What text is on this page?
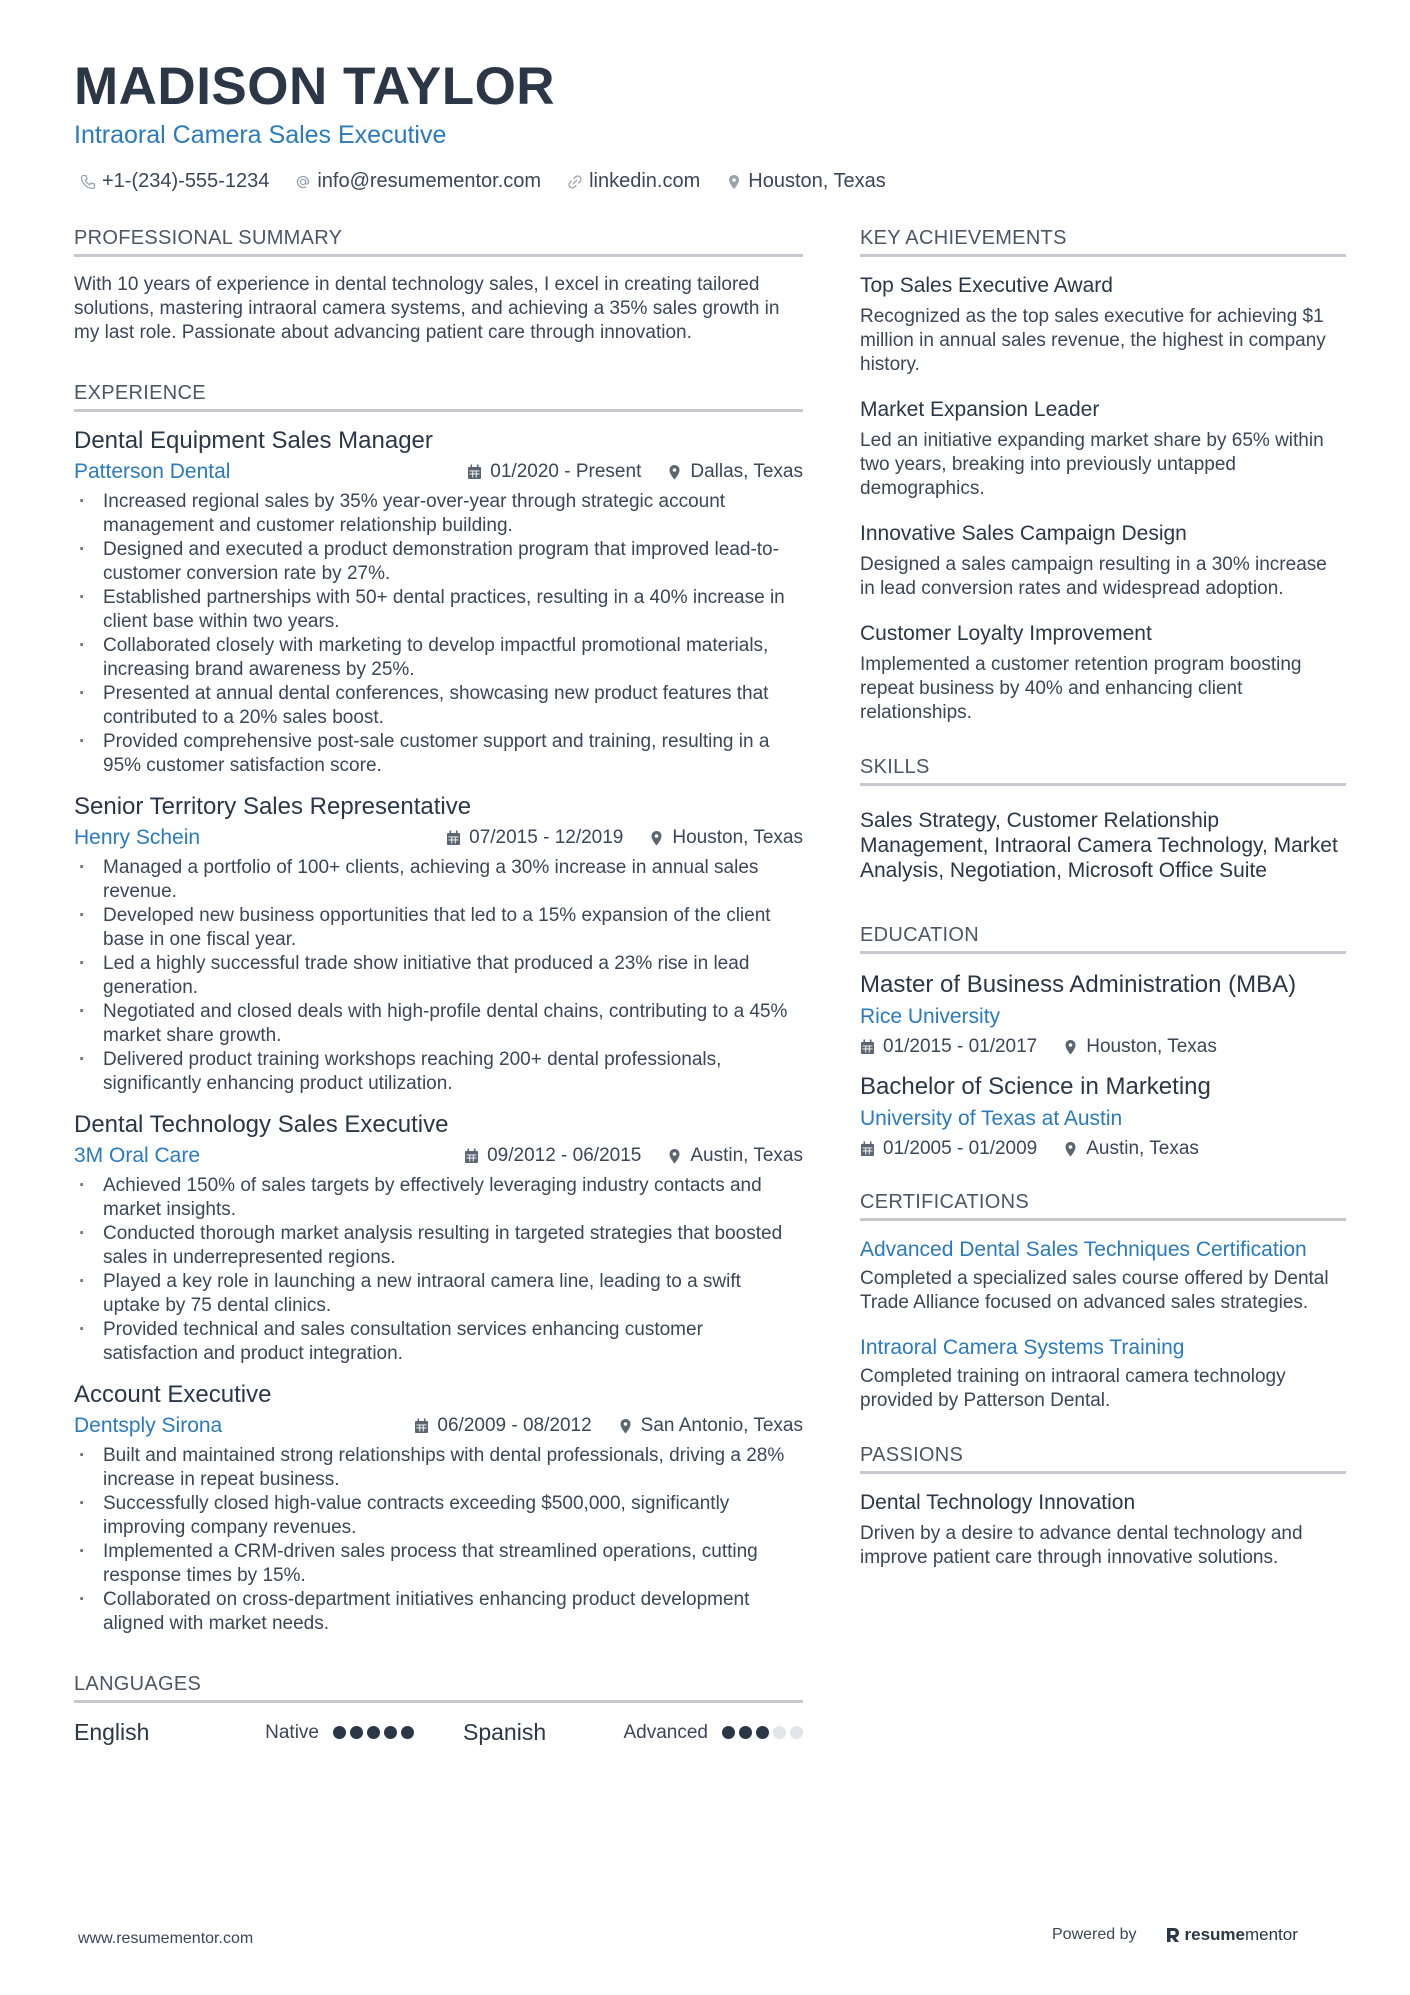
MADISON TAYLOR
Intraoral Camera Sales Executive
+1-(234)-555-1234 info@resumementor.com linkedin.com Houston, Texas
PROFESSIONAL SUMMARY

With 10 years of experience in dental technology sales, I excel in creating tailored solutions, mastering intraoral camera systems, and achieving a 35% sales growth in my last role. Passionate about advancing patient care through innovation.

EXPERIENCE
Dental Equipment Sales Manager
Patterson Dental	01/2020 - Present	Dallas, Texas
· Increased regional sales by 35% year-over-year through strategic account management and customer relationship building.
· Designed and executed a product demonstration program that improved lead-to-customer conversion rate by 27%.
· Established partnerships with 50+ dental practices, resulting in a 40% increase in client base within two years.
· Collaborated closely with marketing to develop impactful promotional materials, increasing brand awareness by 25%.
· Presented at annual dental conferences, showcasing new product features that contributed to a 20% sales boost.
· Provided comprehensive post-sale customer support and training, resulting in a 95% customer satisfaction score.
Senior Territory Sales Representative
Henry Schein	07/2015 - 12/2019	Houston, Texas
· Managed a portfolio of 100+ clients, achieving a 30% increase in annual sales revenue.
· Developed new business opportunities that led to a 15% expansion of the client base in one fiscal year.
· Led a highly successful trade show initiative that produced a 23% rise in lead generation.
· Negotiated and closed deals with high-profile dental chains, contributing to a 45% market share growth.
· Delivered product training workshops reaching 200+ dental professionals, significantly enhancing product utilization.
Dental Technology Sales Executive
3M Oral Care	09/2012 - 06/2015	Austin, Texas
· Achieved 150% of sales targets by effectively leveraging industry contacts and market insights.
· Conducted thorough market analysis resulting in targeted strategies that boosted sales in underrepresented regions.
· Played a key role in launching a new intraoral camera line, leading to a swift uptake by 75 dental clinics.
· Provided technical and sales consultation services enhancing customer satisfaction and product integration.
Account Executive
Dentsply Sirona	06/2009 - 08/2012	San Antonio, Texas
· Built and maintained strong relationships with dental professionals, driving a 28% increase in repeat business.
· Successfully closed high-value contracts exceeding $500,000, significantly improving company revenues.
· Implemented a CRM-driven sales process that streamlined operations, cutting response times by 15%.
· Collaborated on cross-department initiatives enhancing product development aligned with market needs.
LANGUAGES
English	Native	Spanish	Advanced
KEY ACHIEVEMENTS
Top Sales Executive Award

Recognized as the top sales executive for achieving $1 million in annual sales revenue, the highest in company history.

Market Expansion Leader

Led an initiative expanding market share by 65% within two years, breaking into previously untapped demographics.

Innovative Sales Campaign Design

Designed a sales campaign resulting in a 30% increase in lead conversion rates and widespread adoption.

Customer Loyalty Improvement

Implemented a customer retention program boosting repeat business by 40% and enhancing client relationships.

SKILLS

Sales Strategy, Customer Relationship Management, Intraoral Camera Technology, Market Analysis, Negotiation, Microsoft Office Suite

EDUCATION
Master of Business Administration (MBA)
Rice University
01/2015 - 01/2017	Houston, Texas
Bachelor of Science in Marketing
University of Texas at Austin
01/2005 - 01/2009	Austin, Texas
CERTIFICATIONS
Advanced Dental Sales Techniques Certification

Completed a specialized sales course offered by Dental Trade Alliance focused on advanced sales strategies.

Intraoral Camera Systems Training

Completed training on intraoral camera technology provided by Patterson Dental.

PASSIONS
Dental Technology Innovation

Driven by a desire to advance dental technology and improve patient care through innovative solutions.

www.resumementor.com	Powered by	resumementor
